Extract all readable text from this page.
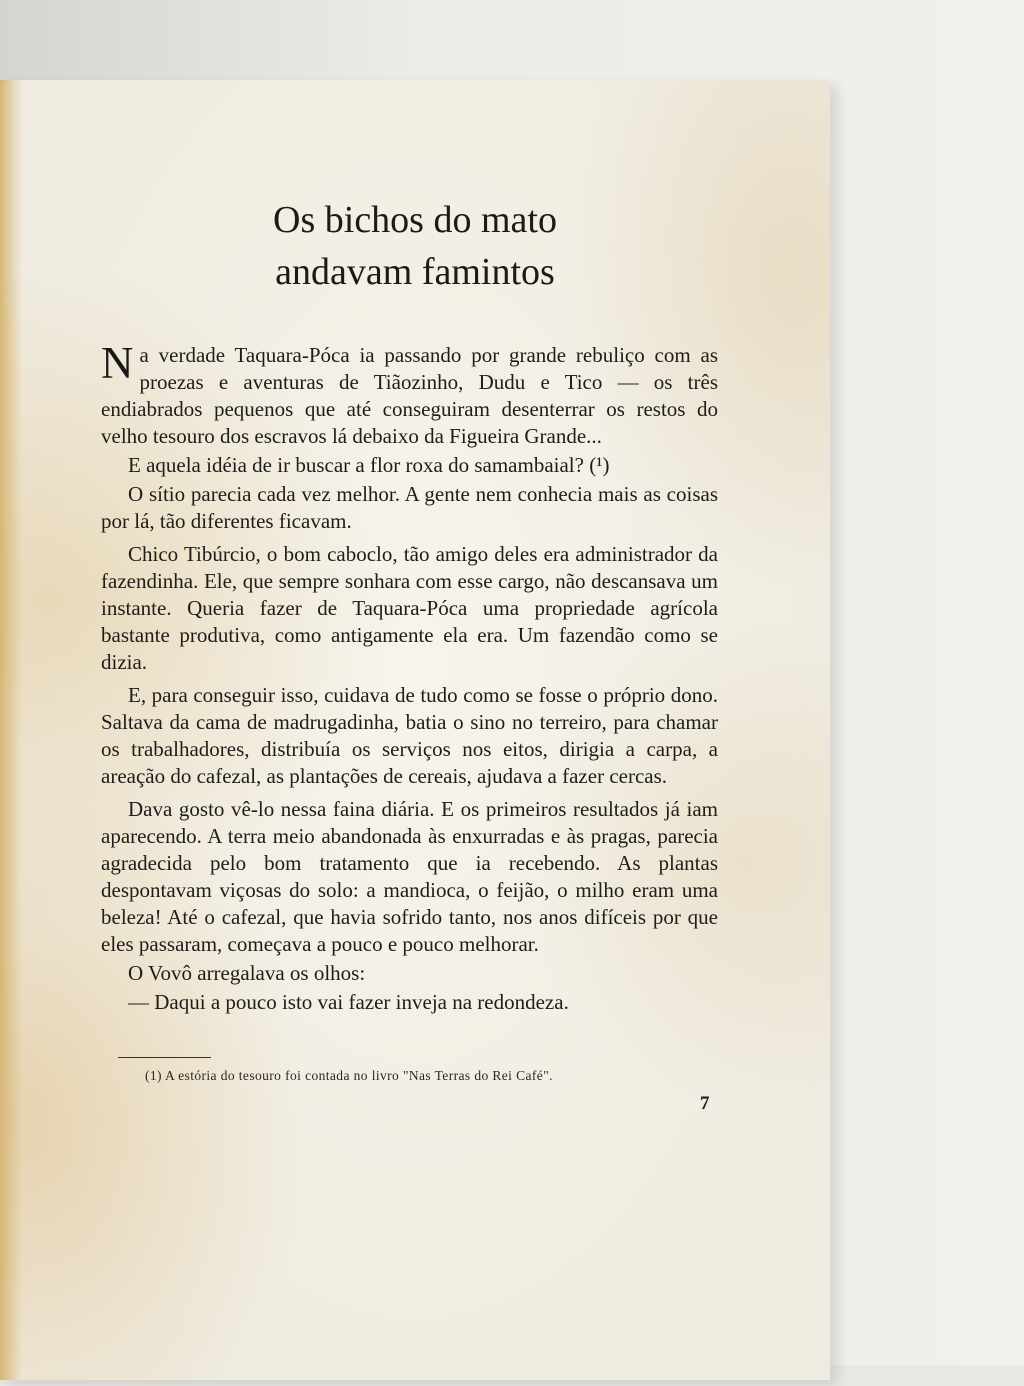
Os bichos do mato
andavam famintos

Na verdade Taquara-Póca ia passando por grande rebuliço com as proezas e aventuras de Tiãozinho, Dudu e Tico — os três endiabrados pequenos que até conseguiram desenterrar os restos do velho tesouro dos escravos lá debaixo da Figueira Grande...

E aquela idéia de ir buscar a flor roxa do samambaial? (¹)

O sítio parecia cada vez melhor. A gente nem conhecia mais as coisas por lá, tão diferentes ficavam.

Chico Tibúrcio, o bom caboclo, tão amigo deles era administrador da fazendinha. Ele, que sempre sonhara com esse cargo, não descansava um instante. Queria fazer de Taquara-Póca uma propriedade agrícola bastante produtiva, como antigamente ela era. Um fazendão como se dizia.

E, para conseguir isso, cuidava de tudo como se fosse o próprio dono. Saltava da cama de madrugadinha, batia o sino no terreiro, para chamar os trabalhadores, distribuía os serviços nos eitos, dirigia a carpa, a areação do cafezal, as plantações de cereais, ajudava a fazer cercas.

Dava gosto vê-lo nessa faina diária. E os primeiros resultados já iam aparecendo. A terra meio abandonada às enxurradas e às pragas, parecia agradecida pelo bom tratamento que ia recebendo. As plantas despontavam viçosas do solo: a mandioca, o feijão, o milho eram uma beleza! Até o cafezal, que havia sofrido tanto, nos anos difíceis por que eles passaram, começava a pouco e pouco melhorar.

O Vovô arregalava os olhos:

— Daqui a pouco isto vai fazer inveja na redondeza.

(1) A estória do tesouro foi contada no livro "Nas Terras do Rei Café".
7
